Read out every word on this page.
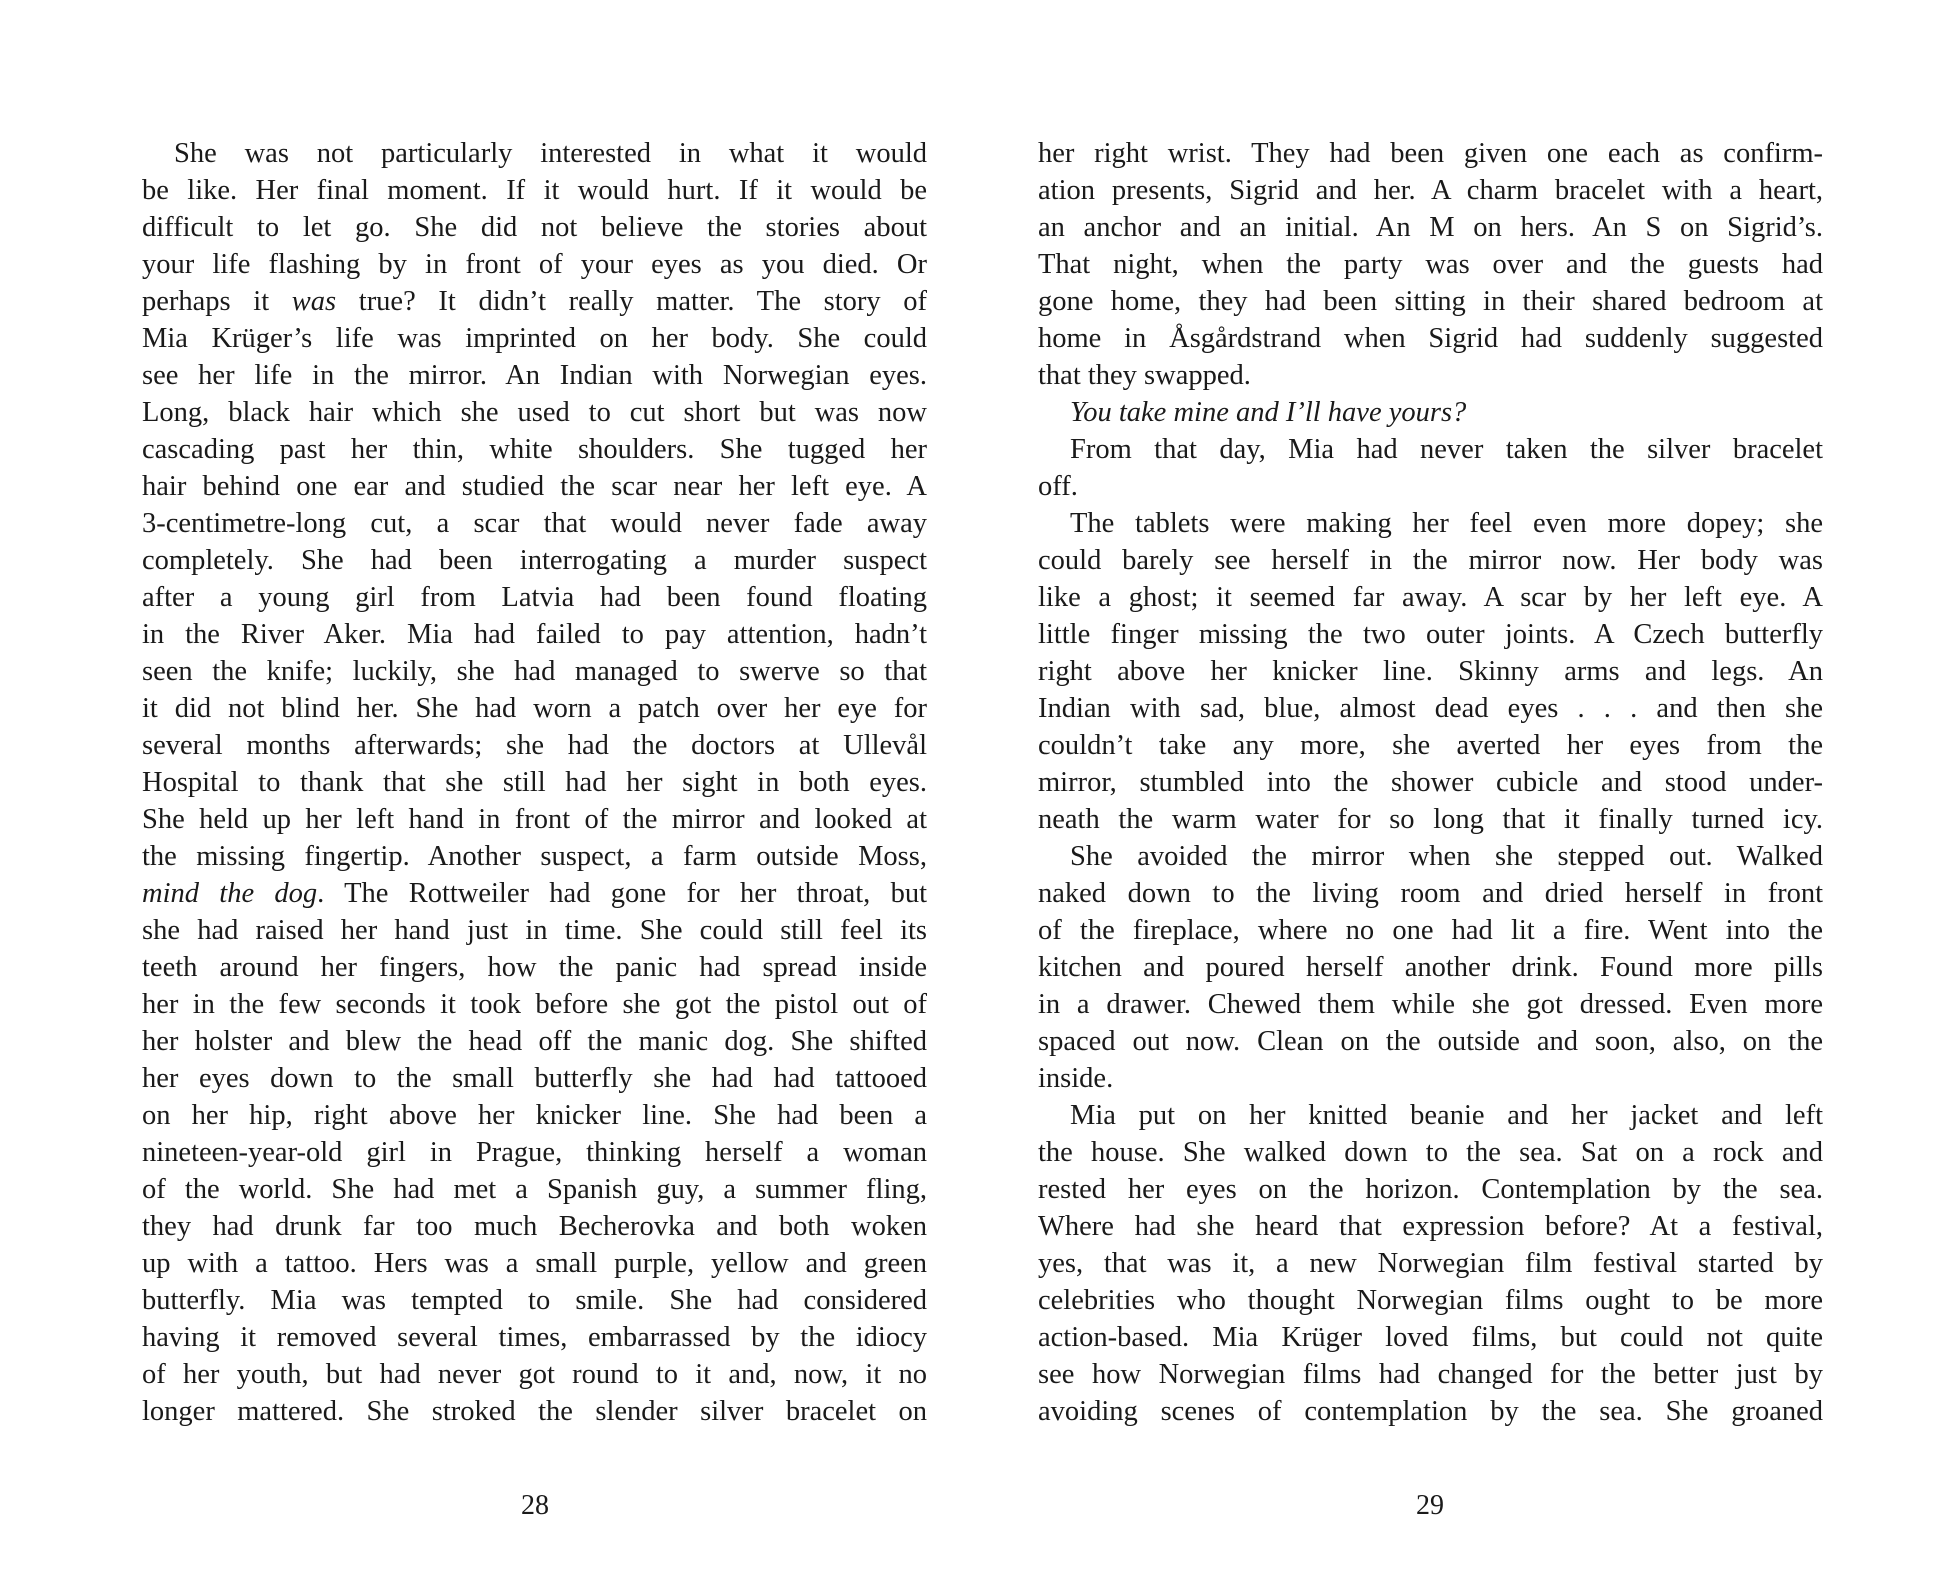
She was not particularly interested in what it would
be like. Her final moment. If it would hurt. If it would be
difficult to let go. She did not believe the stories about
your life flashing by in front of your eyes as you died. Or
perhaps it was true? It didn’t really matter. The story of
Mia Krüger’s life was imprinted on her body. She could
see her life in the mirror. An Indian with Norwegian eyes.
Long, black hair which she used to cut short but was now
cascading past her thin, white shoulders. She tugged her
hair behind one ear and studied the scar near her left eye. A
3-centimetre-long cut, a scar that would never fade away
completely. She had been interrogating a murder suspect
after a young girl from Latvia had been found floating
in the River Aker. Mia had failed to pay attention, hadn’t
seen the knife; luckily, she had managed to swerve so that
it did not blind her. She had worn a patch over her eye for
several months afterwards; she had the doctors at Ullevål
Hospital to thank that she still had her sight in both eyes.
She held up her left hand in front of the mirror and looked at
the missing fingertip. Another suspect, a farm outside Moss,
mind the dog. The Rottweiler had gone for her throat, but
she had raised her hand just in time. She could still feel its
teeth around her fingers, how the panic had spread inside
her in the few seconds it took before she got the pistol out of
her holster and blew the head off the manic dog. She shifted
her eyes down to the small butterfly she had had tattooed
on her hip, right above her knicker line. She had been a
nineteen-year-old girl in Prague, thinking herself a woman
of the world. She had met a Spanish guy, a summer fling,
they had drunk far too much Becherovka and both woken
up with a tattoo. Hers was a small purple, yellow and green
butterfly. Mia was tempted to smile. She had considered
having it removed several times, embarrassed by the idiocy
of her youth, but had never got round to it and, now, it no
longer mattered. She stroked the slender silver bracelet on
her right wrist. They had been given one each as confirm-
ation presents, Sigrid and her. A charm bracelet with a heart,
an anchor and an initial. An M on hers. An S on Sigrid’s.
That night, when the party was over and the guests had
gone home, they had been sitting in their shared bedroom at
home in Åsgårdstrand when Sigrid had suddenly suggested
that they swapped.
You take mine and I’ll have yours?
From that day, Mia had never taken the silver bracelet
off.
The tablets were making her feel even more dopey; she
could barely see herself in the mirror now. Her body was
like a ghost; it seemed far away. A scar by her left eye. A
little finger missing the two outer joints. A Czech butterfly
right above her knicker line. Skinny arms and legs. An
Indian with sad, blue, almost dead eyes . . . and then she
couldn’t take any more, she averted her eyes from the
mirror, stumbled into the shower cubicle and stood under-
neath the warm water for so long that it finally turned icy.
She avoided the mirror when she stepped out. Walked
naked down to the living room and dried herself in front
of the fireplace, where no one had lit a fire. Went into the
kitchen and poured herself another drink. Found more pills
in a drawer. Chewed them while she got dressed. Even more
spaced out now. Clean on the outside and soon, also, on the
inside.
Mia put on her knitted beanie and her jacket and left
the house. She walked down to the sea. Sat on a rock and
rested her eyes on the horizon. Contemplation by the sea.
Where had she heard that expression before? At a festival,
yes, that was it, a new Norwegian film festival started by
celebrities who thought Norwegian films ought to be more
action-based. Mia Krüger loved films, but could not quite
see how Norwegian films had changed for the better just by
avoiding scenes of contemplation by the sea. She groaned
28	29
